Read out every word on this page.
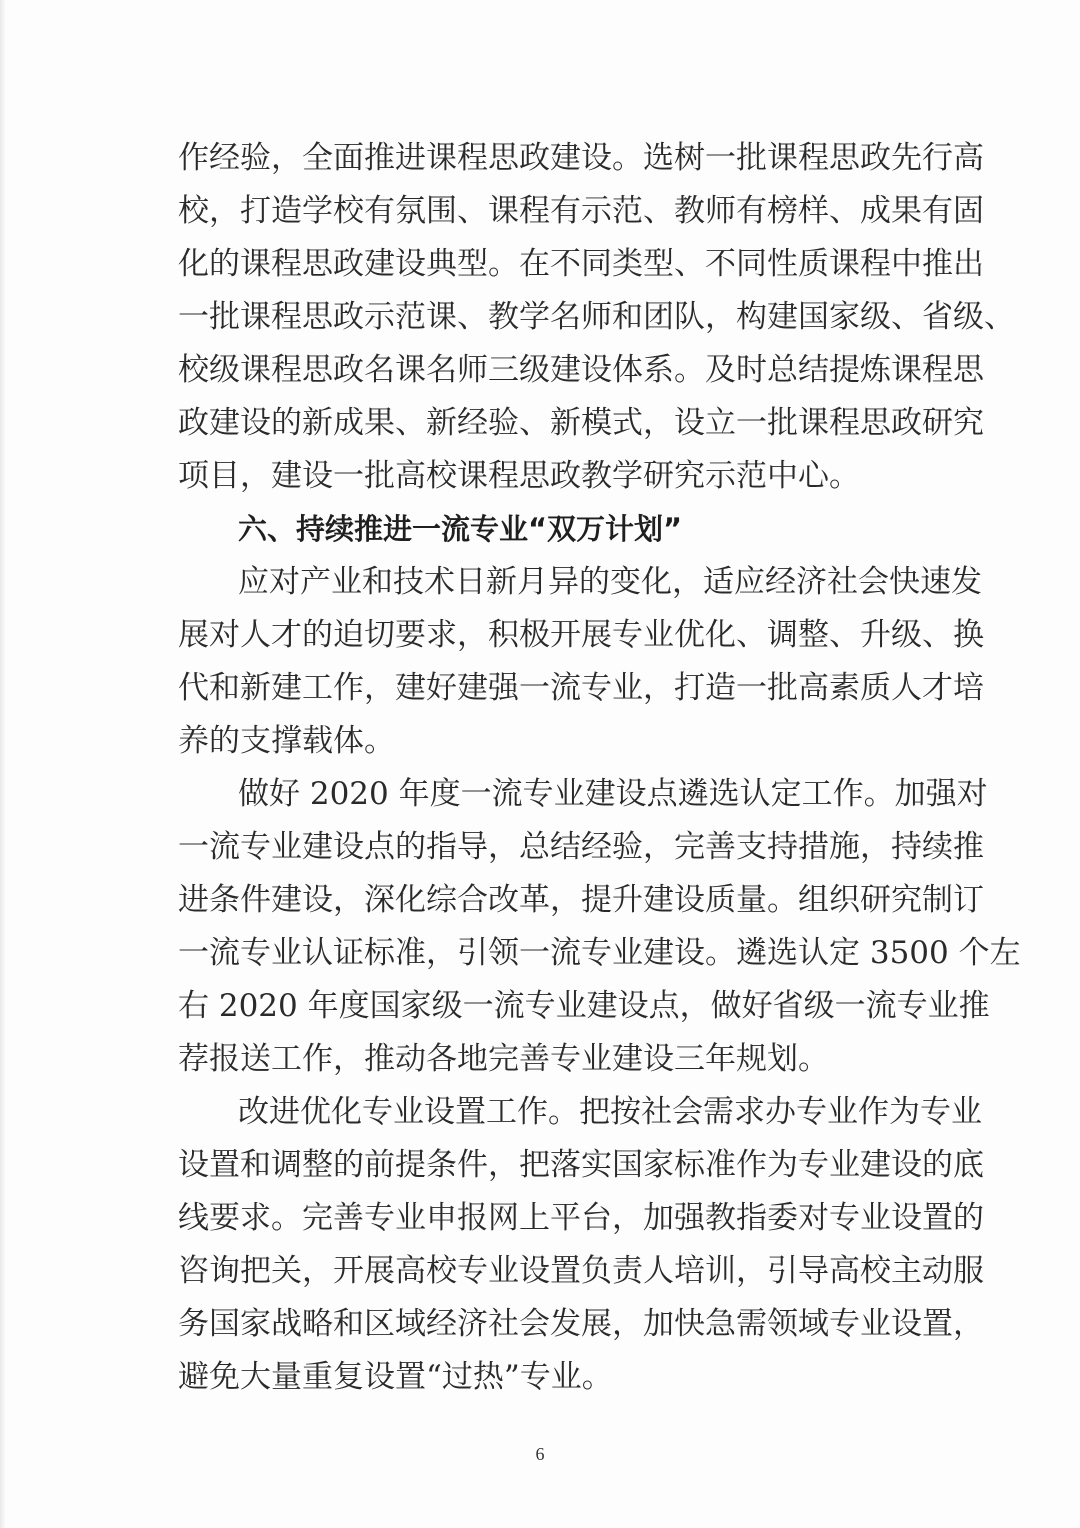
作经验，全面推进课程思政建设。选树一批课程思政先行高
校，打造学校有氛围、课程有示范、教师有榜样、成果有固
化的课程思政建设典型。在不同类型、不同性质课程中推出
一批课程思政示范课、教学名师和团队，构建国家级、省级、
校级课程思政名课名师三级建设体系。及时总结提炼课程思
政建设的新成果、新经验、新模式，设立一批课程思政研究
项目，建设一批高校课程思政教学研究示范中心。
六、持续推进一流专业“双万计划”
应对产业和技术日新月异的变化，适应经济社会快速发
展对人才的迫切要求，积极开展专业优化、调整、升级、换
代和新建工作，建好建强一流专业，打造一批高素质人才培
养的支撑载体。
做好 2020 年度一流专业建设点遴选认定工作。加强对
一流专业建设点的指导，总结经验，完善支持措施，持续推
进条件建设，深化综合改革，提升建设质量。组织研究制订
一流专业认证标准，引领一流专业建设。遴选认定 3500 个左
右 2020 年度国家级一流专业建设点，做好省级一流专业推
荐报送工作，推动各地完善专业建设三年规划。
改进优化专业设置工作。把按社会需求办专业作为专业
设置和调整的前提条件，把落实国家标准作为专业建设的底
线要求。完善专业申报网上平台，加强教指委对专业设置的
咨询把关，开展高校专业设置负责人培训，引导高校主动服
务国家战略和区域经济社会发展，加快急需领域专业设置，
避免大量重复设置“过热”专业。
6
